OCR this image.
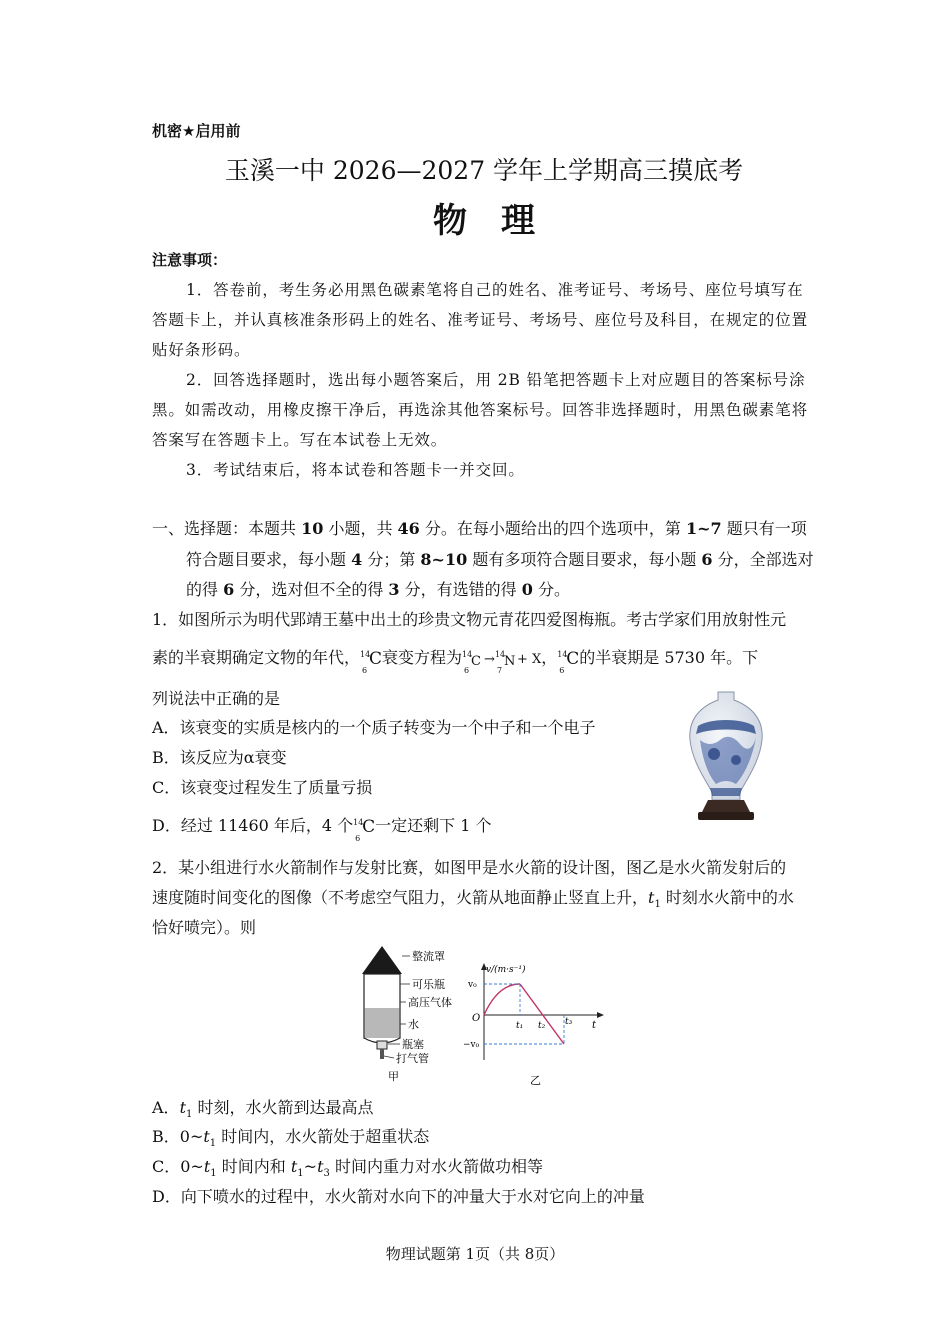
机密★启用前
玉溪一中 2026—2027 学年上学期高三摸底考
物　理
注意事项：
1．答卷前，考生务必用黑色碳素笔将自己的姓名、准考证号、考场号、座位号填写在
答题卡上，并认真核准条形码上的姓名、准考证号、考场号、座位号及科目，在规定的位置
贴好条形码。
2．回答选择题时，选出每小题答案后，用 2B 铅笔把答题卡上对应题目的答案标号涂
黑。如需改动，用橡皮擦干净后，再选涂其他答案标号。回答非选择题时，用黑色碳素笔将
答案写在答题卡上。写在本试卷上无效。
3．考试结束后，将本试卷和答题卡一并交回。
一、选择题：本题共 10 小题，共 46 分。在每小题给出的四个选项中，第 1~7 题只有一项
符合题目要求，每小题 4 分；第 8~10 题有多项符合题目要求，每小题 6 分，全部选对
的得 6 分，选对但不全的得 3 分，有选错的得 0 分。
1．如图所示为明代郢靖王墓中出土的珍贵文物元青花四爱图梅瓶。考古学家们用放射性元
素的半衰期确定文物的年代， 14
6
C 衰变方程为 14
6
C → 14
7
N + X， 14
6
C 的半衰期是 5730 年。下
列说法中正确的是
A．该衰变的实质是核内的一个质子转变为一个中子和一个电子
B．该反应为α衰变
C．该衰变过程发生了质量亏损
D．经过 11460 年后，4 个 14
6
C 一定还剩下 1 个
2．某小组进行水火箭制作与发射比赛，如图甲是水火箭的设计图，图乙是水火箭发射后的
速度随时间变化的图像（不考虑空气阻力，火箭从地面静止竖直上升，$t_1$ 时刻水火箭中的水
恰好喷完）。则
整流罩
可乐瓶
高压气体
水
瓶塞
打气管
甲
v/(m·s⁻¹)
v₀
−v₀
O
t₁ t₂ t₃ t
乙
A．$t_1$ 时刻，水火箭到达最高点
B．$0\sim t_1$ 时间内，水火箭处于超重状态
C．$0\sim t_1$ 时间内和 $t_1\sim t_3$ 时间内重力对水火箭做功相等
D．向下喷水的过程中，水火箭对水向下的冲量大于水对它向上的冲量
物理试题第 1页（共 8页）
